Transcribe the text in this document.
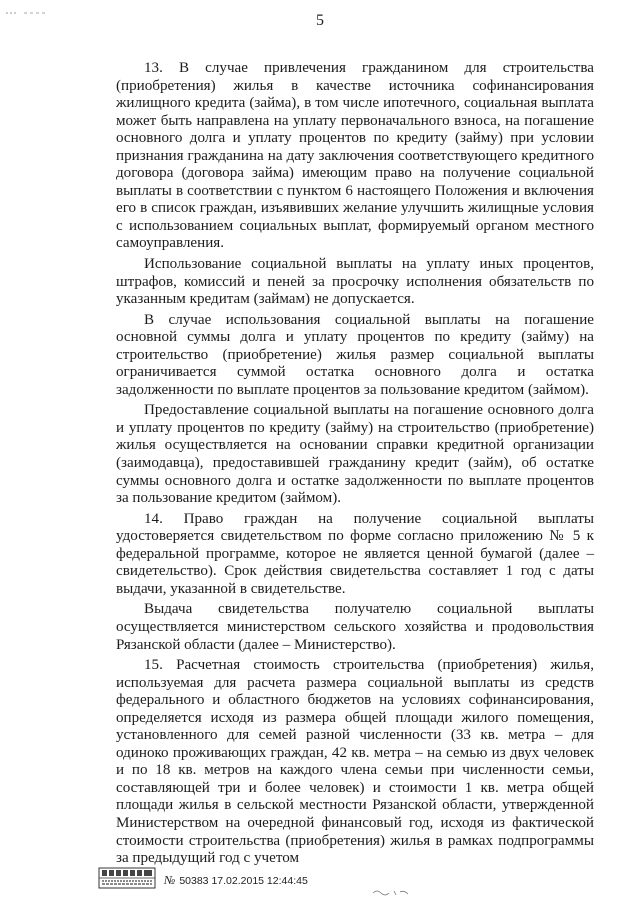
5

13. В случае привлечения гражданином для строительства (приобретения) жилья в качестве источника софинансирования жилищного кредита (займа), в том числе ипотечного, социальная выплата может быть направлена на уплату первоначального взноса, на погашение основного долга и уплату процентов по кредиту (займу) при условии признания гражданина на дату заключения соответствующего кредитного договора (договора займа) имеющим право на получение социальной выплаты в соответствии с пунктом 6 настоящего Положения и включения его в список граждан, изъявивших желание улучшить жилищные условия с использованием социальных выплат, формируемый органом местного самоуправления.

Использование социальной выплаты на уплату иных процентов, штрафов, комиссий и пеней за просрочку исполнения обязательств по указанным кредитам (займам) не допускается.

В случае использования социальной выплаты на погашение основной суммы долга и уплату процентов по кредиту (займу) на строительство (приобретение) жилья размер социальной выплаты ограничивается суммой остатка основного долга и остатка задолженности по выплате процентов за пользование кредитом (займом).

Предоставление социальной выплаты на погашение основного долга и уплату процентов по кредиту (займу) на строительство (приобретение) жилья осуществляется на основании справки кредитной организации (заимодавца), предоставившей гражданину кредит (займ), об остатке суммы основного долга и остатке задолженности по выплате процентов за пользование кредитом (займом).

14. Право граждан на получение социальной выплаты удостоверяется свидетельством по форме согласно приложению № 5 к федеральной программе, которое не является ценной бумагой (далее – свидетельство). Срок действия свидетельства составляет 1 год с даты выдачи, указанной в свидетельстве.

Выдача свидетельства получателю социальной выплаты осуществляется министерством сельского хозяйства и продовольствия Рязанской области (далее – Министерство).

15. Расчетная стоимость строительства (приобретения) жилья, используемая для расчета размера социальной выплаты из средств федерального и областного бюджетов на условиях софинансирования, определяется исходя из размера общей площади жилого помещения, установленного для семей разной численности (33 кв. метра – для одиноко проживающих граждан, 42 кв. метра – на семью из двух человек и по 18 кв. метров на каждого члена семьи при численности семьи, составляющей три и более человек) и стоимости 1 кв. метра общей площади жилья в сельской местности Рязанской области, утвержденной Министерством на очередной финансовый год, исходя из фактической стоимости строительства (приобретения) жилья в рамках подпрограммы за предыдущий год с учетом

№ 50383 17.02.2015 12:44:45
